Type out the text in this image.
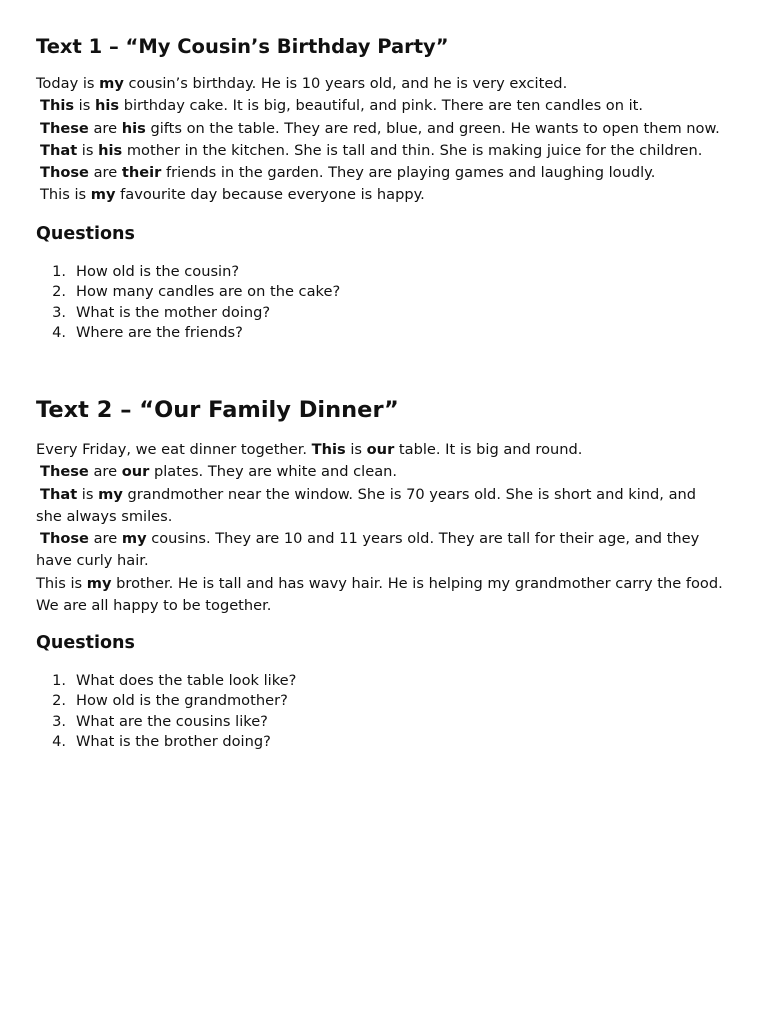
Text 1 – “My Cousin’s Birthday Party”

Today is my cousin’s birthday. He is 10 years old, and he is very excited.
This is his birthday cake. It is big, beautiful, and pink. There are ten candles on it.
These are his gifts on the table. They are red, blue, and green. He wants to open them now.
That is his mother in the kitchen. She is tall and thin. She is making juice for the children.
Those are their friends in the garden. They are playing games and laughing loudly.
This is my favourite day because everyone is happy.

Questions
1. How old is the cousin?
2. How many candles are on the cake?
3. What is the mother doing?
4. Where are the friends?
Text 2 – “Our Family Dinner”

Every Friday, we eat dinner together. This is our table. It is big and round.
These are our plates. They are white and clean.
That is my grandmother near the window. She is 70 years old. She is short and kind, and she always smiles.
Those are my cousins. They are 10 and 11 years old. They are tall for their age, and they have curly hair.
This is my brother. He is tall and has wavy hair. He is helping my grandmother carry the food. We are all happy to be together.

Questions
1. What does the table look like?
2. How old is the grandmother?
3. What are the cousins like?
4. What is the brother doing?
